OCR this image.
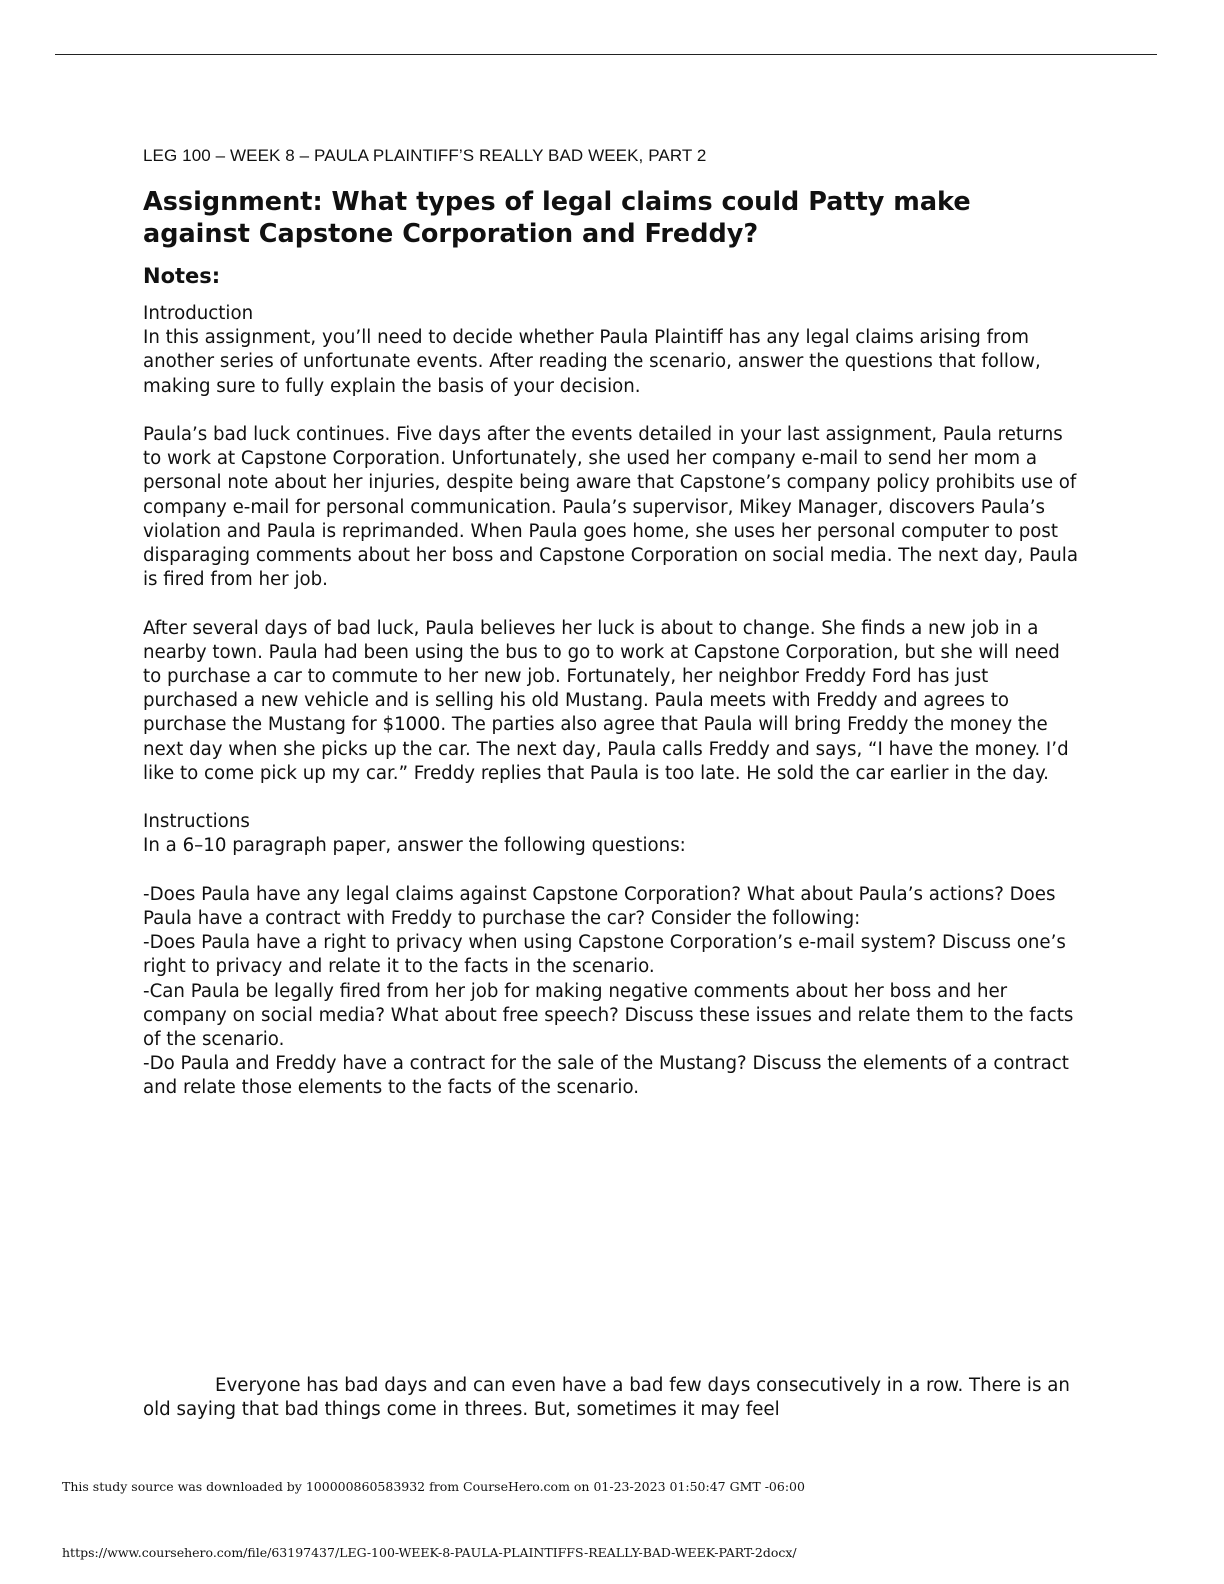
LEG 100 – WEEK 8 – PAULA PLAINTIFF’S REALLY BAD WEEK, PART 2
Assignment: What types of legal claims could Patty make against Capstone Corporation and Freddy?
Notes:

Introduction
In this assignment, you’ll need to decide whether Paula Plaintiff has any legal claims arising from another series of unfortunate events. After reading the scenario, answer the questions that follow, making sure to fully explain the basis of your decision.

Paula’s bad luck continues. Five days after the events detailed in your last assignment, Paula returns to work at Capstone Corporation. Unfortunately, she used her company e-mail to send her mom a personal note about her injuries, despite being aware that Capstone’s company policy prohibits use of company e-mail for personal communication. Paula’s supervisor, Mikey Manager, discovers Paula’s violation and Paula is reprimanded. When Paula goes home, she uses her personal computer to post disparaging comments about her boss and Capstone Corporation on social media. The next day, Paula is fired from her job.

After several days of bad luck, Paula believes her luck is about to change. She finds a new job in a nearby town. Paula had been using the bus to go to work at Capstone Corporation, but she will need to purchase a car to commute to her new job. Fortunately, her neighbor Freddy Ford has just purchased a new vehicle and is selling his old Mustang. Paula meets with Freddy and agrees to purchase the Mustang for $1000. The parties also agree that Paula will bring Freddy the money the next day when she picks up the car. The next day, Paula calls Freddy and says, “I have the money. I’d like to come pick up my car.” Freddy replies that Paula is too late. He sold the car earlier in the day.

Instructions
In a 6–10 paragraph paper, answer the following questions:

-Does Paula have any legal claims against Capstone Corporation? What about Paula’s actions? Does Paula have a contract with Freddy to purchase the car? Consider the following:

-Does Paula have a right to privacy when using Capstone Corporation’s e-mail system? Discuss one’s right to privacy and relate it to the facts in the scenario.

-Can Paula be legally fired from her job for making negative comments about her boss and her company on social media? What about free speech? Discuss these issues and relate them to the facts of the scenario.

-Do Paula and Freddy have a contract for the sale of the Mustang? Discuss the elements of a contract and relate those elements to the facts of the scenario.

Everyone has bad days and can even have a bad few days consecutively in a row. There is an old saying that bad things come in threes. But, sometimes it may feel

This study source was downloaded by 100000860583932 from CourseHero.com on 01-23-2023 01:50:47 GMT -06:00
https://www.coursehero.com/file/63197437/LEG-100-WEEK-8-PAULA-PLAINTIFFS-REALLY-BAD-WEEK-PART-2docx/
